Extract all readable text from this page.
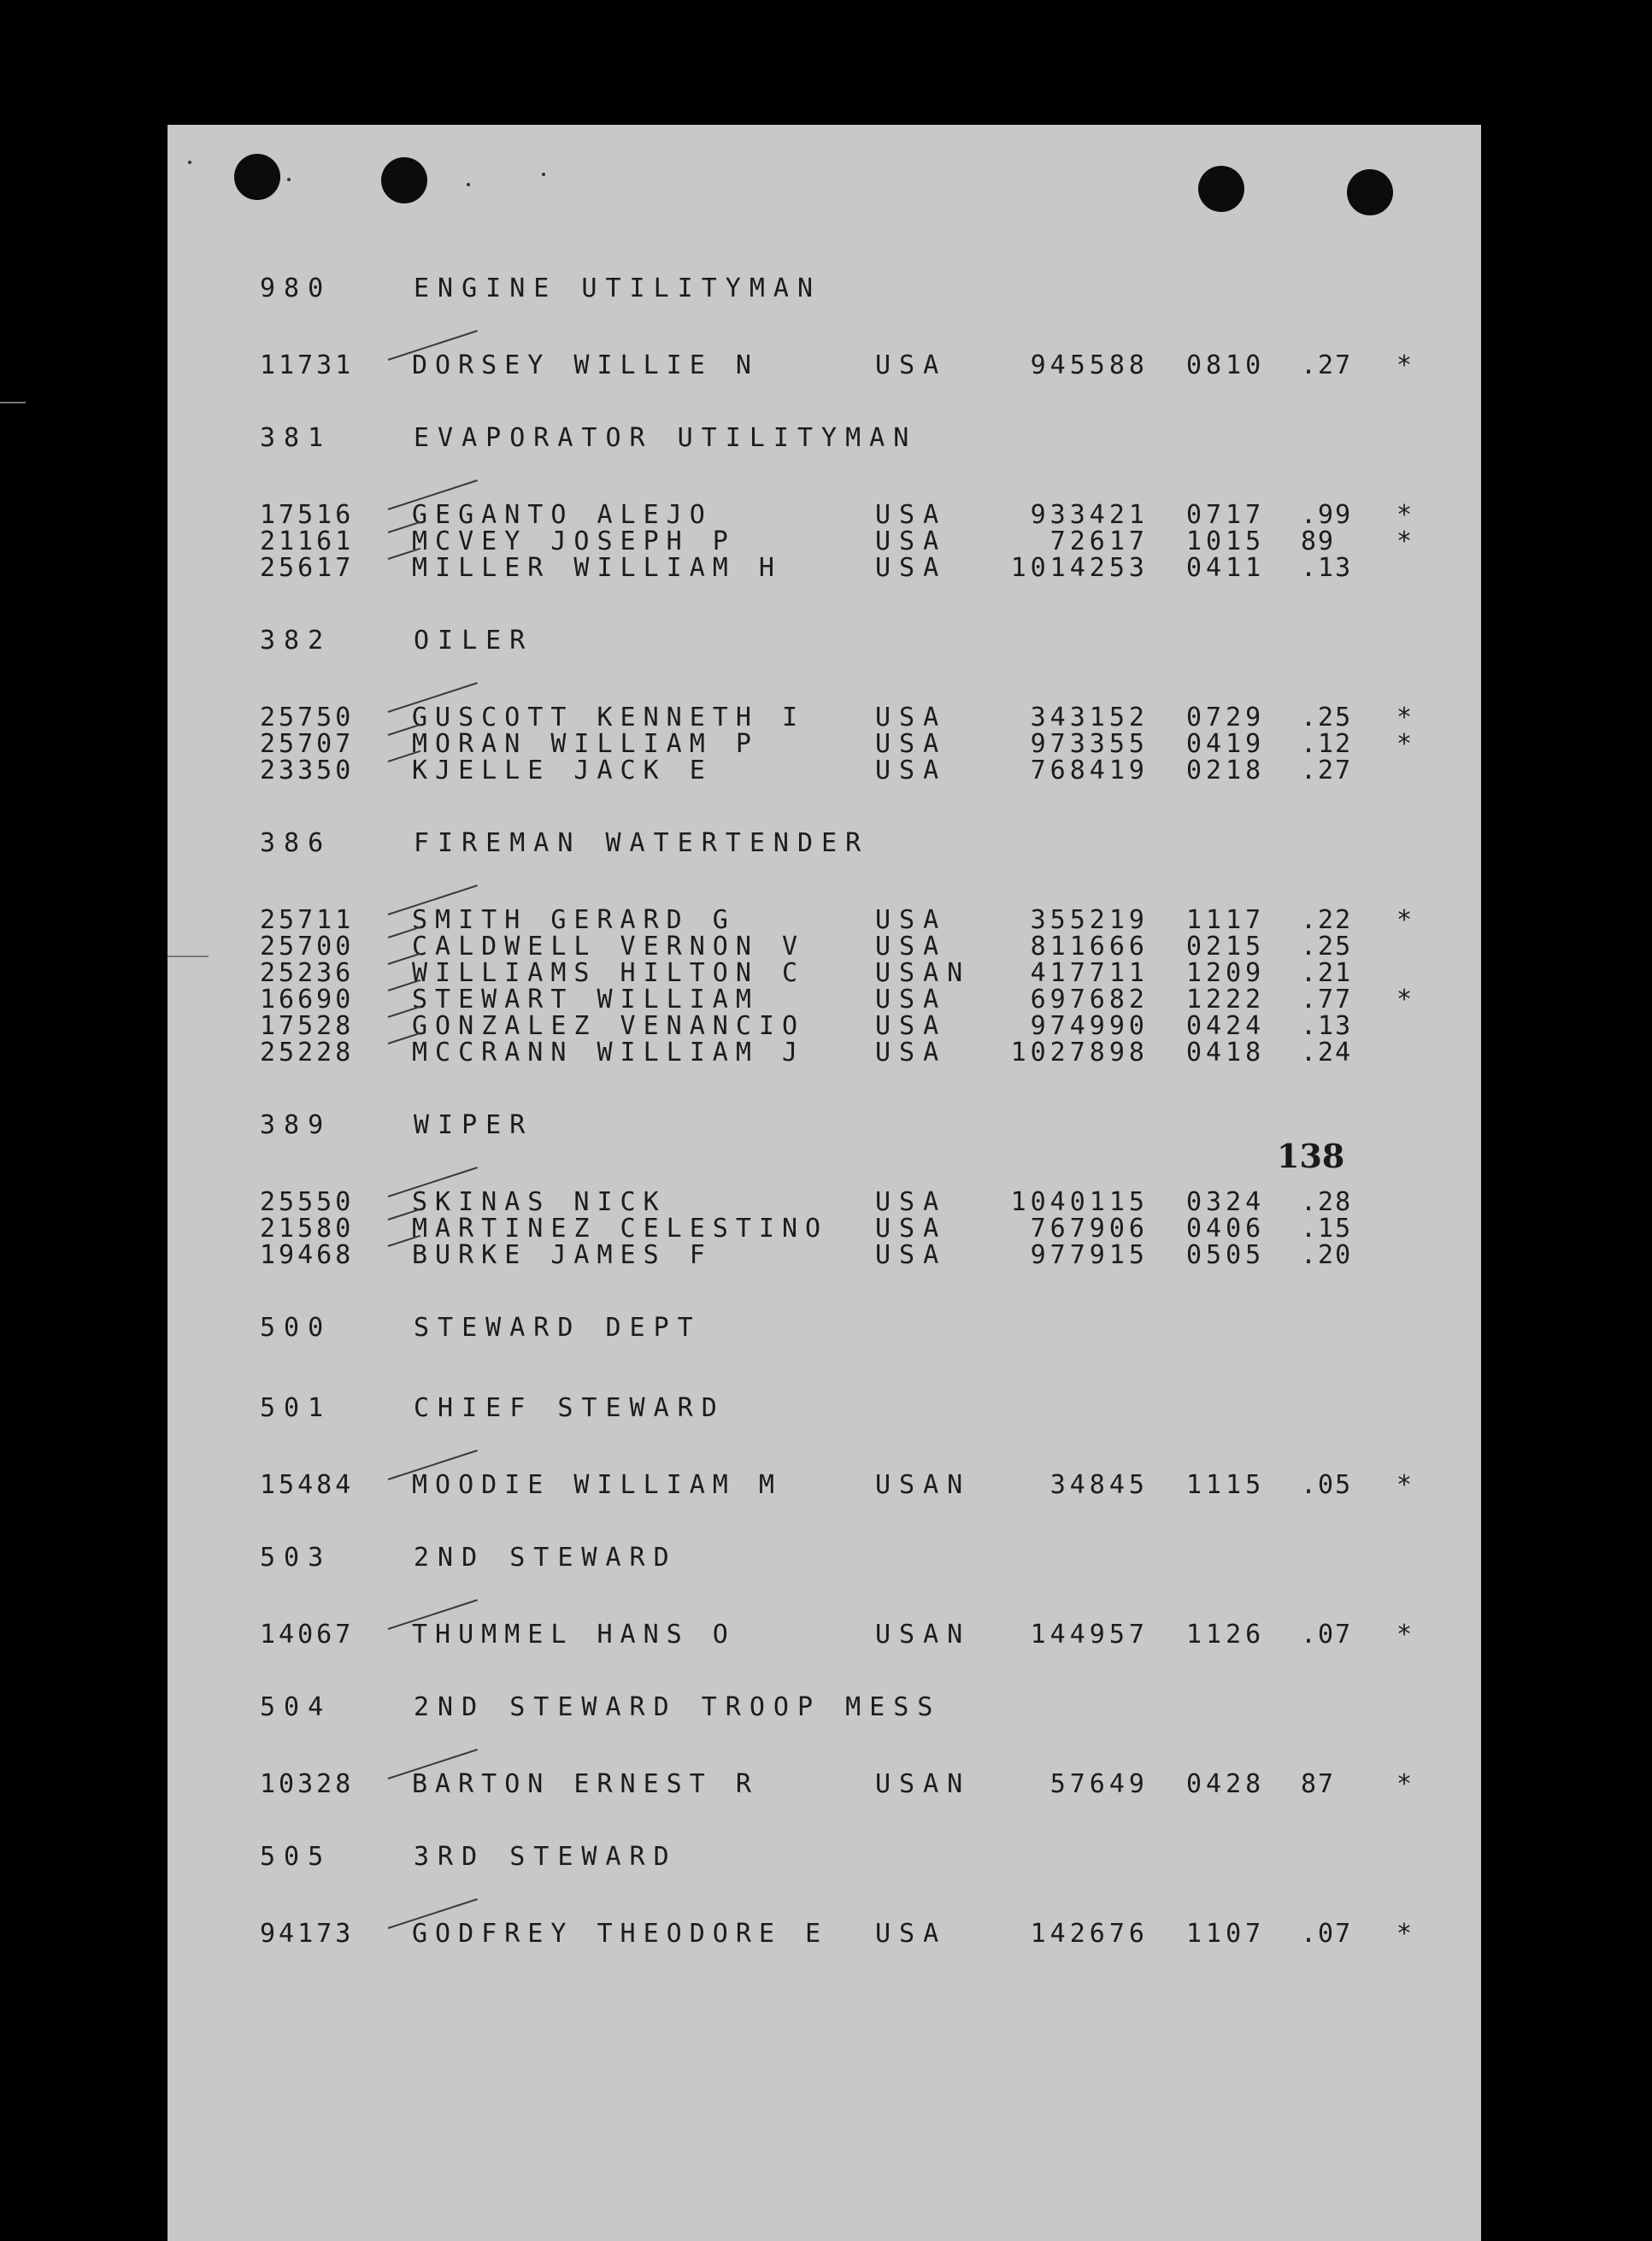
138
980	ENGINE UTILITYMAN
11731	DORSEY WILLIE N	USA	945588 0810	.27	*
381	EVAPORATOR UTILITYMAN
17516	GEGANTO ALEJO	USA	933421 0717	.99	*
21161	MCVEY JOSEPH P	USA	72617 1015	89	*
25617	MILLER WILLIAM H	USA	1014253 0411	.13
382	OILER
25750	GUSCOTT KENNETH I	USA	343152 0729	.25	*
25707	MORAN WILLIAM P	USA	973355 0419	.12	*
23350	KJELLE JACK E	USA	768419 0218	.27
386	FIREMAN WATERTENDER
25711	SMITH GERARD G	USA	355219 1117	.22	*
25700	CALDWELL VERNON V	USA	811666 0215	.25
25236	WILLIAMS HILTON C	USAN	417711 1209	.21
16690	STEWART WILLIAM	USA	697682 1222	.77	*
17528	GONZALEZ VENANCIO	USA	974990 0424	.13
25228	MCCRANN WILLIAM J	USA	1027898 0418	.24
389	WIPER
25550	SKINAS NICK	USA	1040115 0324	.28
21580	MARTINEZ CELESTINO	USA	767906 0406	.15
19468	BURKE JAMES F	USA	977915 0505	.20
500	STEWARD DEPT
501	CHIEF STEWARD
15484	MOODIE WILLIAM M	USAN	34845 1115	.05	*
503	2ND STEWARD
14067	THUMMEL HANS O	USAN	144957 1126	.07	*
504	2ND STEWARD TROOP MESS
10328	BARTON ERNEST R	USAN	57649 0428	87	*
505	3RD STEWARD
94173	GODFREY THEODORE E	USA	142676 1107	.07	*
